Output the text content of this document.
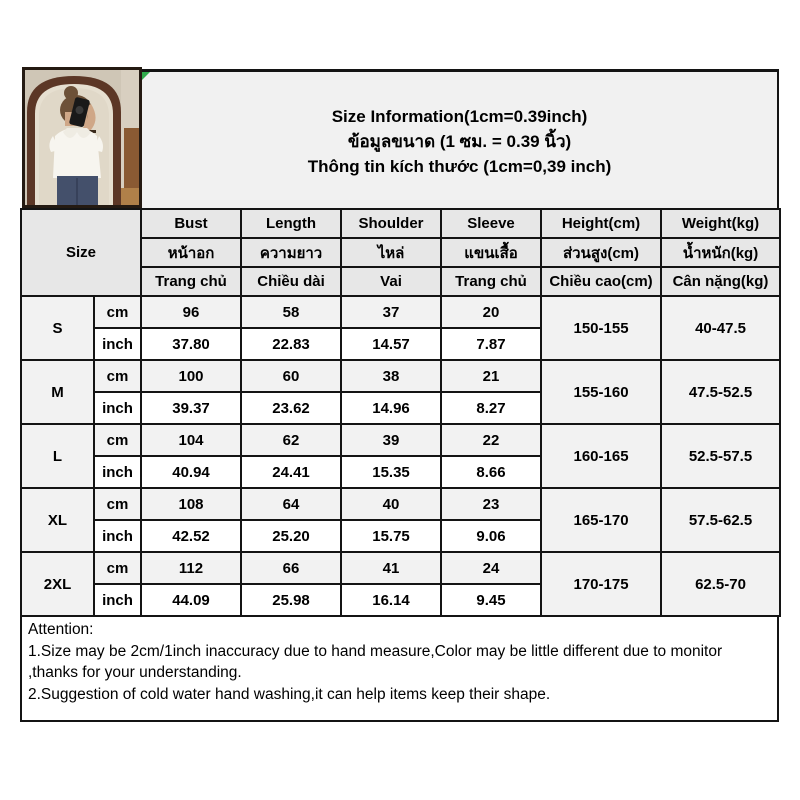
Size Information(1cm=0.39inch)
ข้อมูลขนาด (1 ซม. = 0.39 นิ้ว)
Thông tin kích thước (1cm=0,39 inch)
Size		Bust	Length	Shoulder	Sleeve	Height(cm)	Weight(kg)
		หน้าอก	ความยาว	ไหล่	แขนเสื้อ	ส่วนสูง(cm)	น้ำหนัก(kg)
		Trang chủ	Chiều dài	Vai	Trang chủ	Chiều cao(cm)	Cân nặng(kg)
S	cm	96	58	37	20	150-155	40-47.5
	inch	37.80	22.83	14.57	7.87		
M	cm	100	60	38	21	155-160	47.5-52.5
	inch	39.37	23.62	14.96	8.27		
L	cm	104	62	39	22	160-165	52.5-57.5
	inch	40.94	24.41	15.35	8.66		
XL	cm	108	64	40	23	165-170	57.5-62.5
	inch	42.52	25.20	15.75	9.06		
2XL	cm	112	66	41	24	170-175	62.5-70
	inch	44.09	25.98	16.14	9.45		
Attention:
1.Size may be 2cm/1inch inaccuracy due to hand measure,Color may be little different due to monitor ,thanks for your understanding.
2.Suggestion of cold water hand washing,it can help items keep their shape.
